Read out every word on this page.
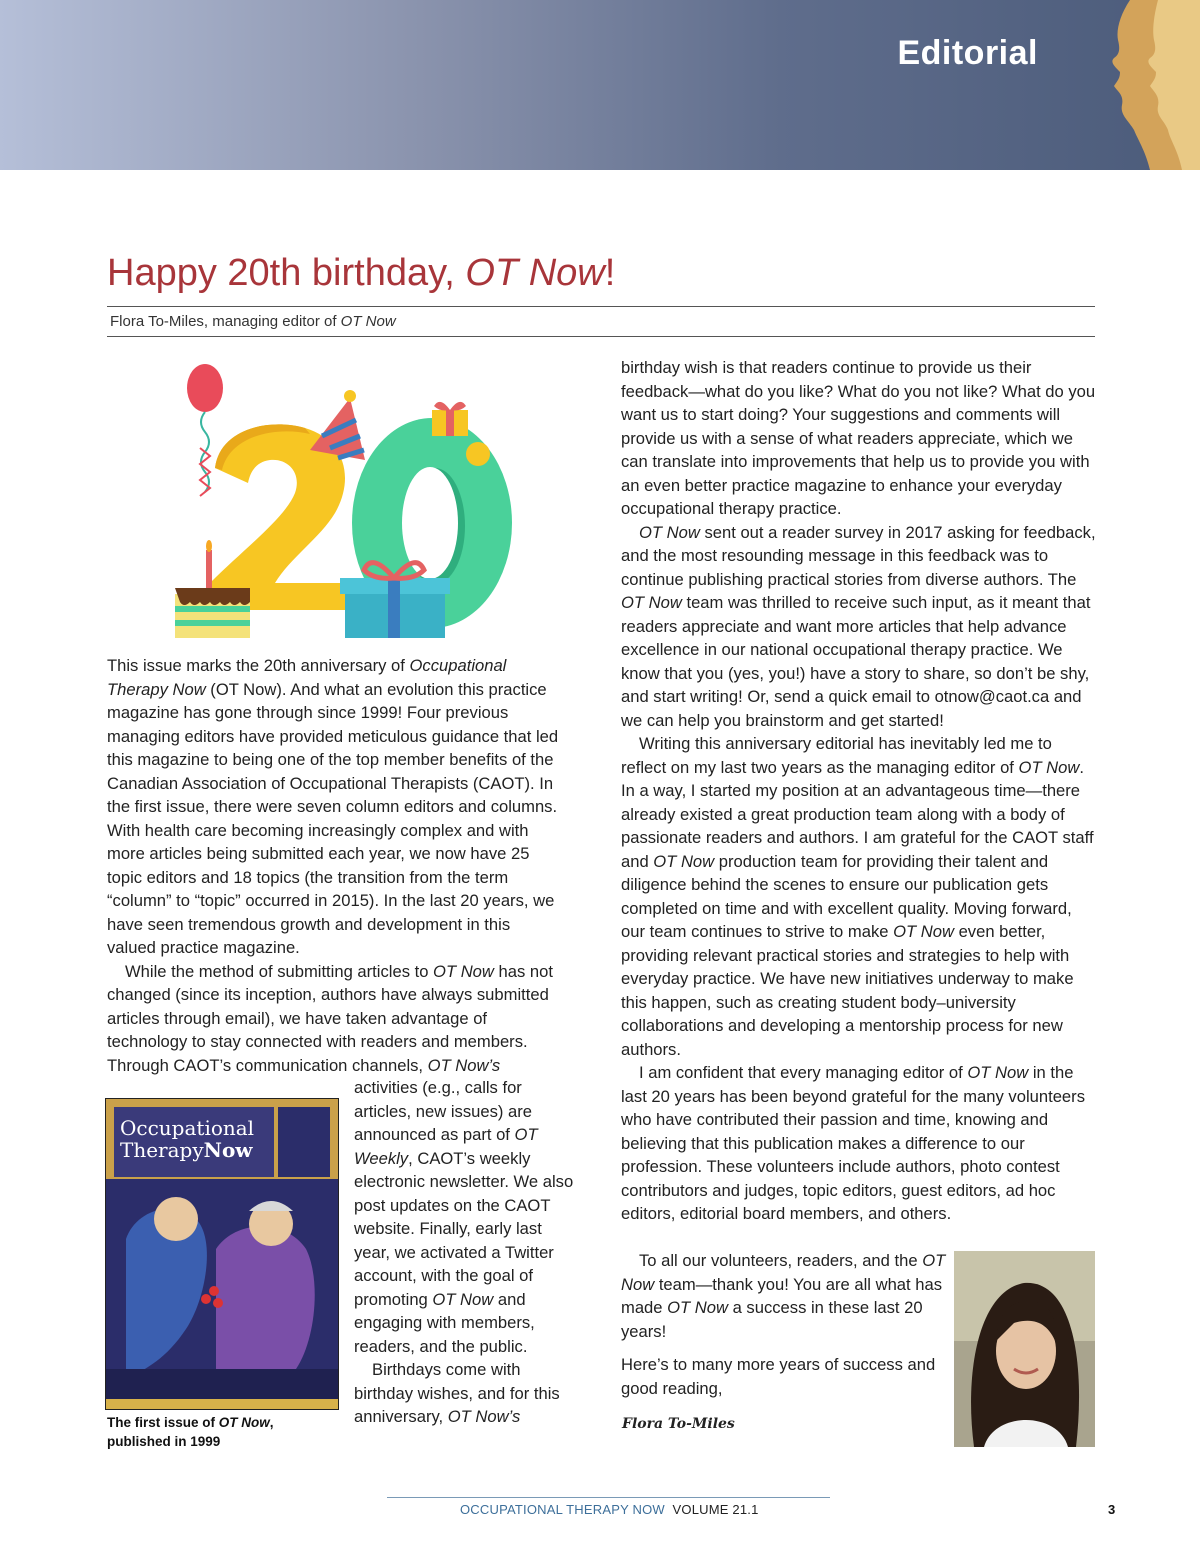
Editorial
Happy 20th birthday, OT Now!
Flora To-Miles, managing editor of OT Now

This issue marks the 20th anniversary of Occupational Therapy Now (OT Now). And what an evolution this practice magazine has gone through since 1999! Four previous managing editors have provided meticulous guidance that led this magazine to being one of the top member benefits of the Canadian Association of Occupational Therapists (CAOT). In the first issue, there were seven column editors and columns. With health care becoming increasingly complex and with more articles being submitted each year, we now have 25 topic editors and 18 topics (the transition from the term “column” to “topic” occurred in 2015). In the last 20 years, we have seen tremendous growth and development in this valued practice magazine.

While the method of submitting articles to OT Now has not changed (since its inception, authors have always submitted articles through email), we have taken advantage of technology to stay connected with readers and members. Through CAOT’s communication channels, OT Now’s

Occupational
TherapyNow
The first issue of OT Now, published in 1999

activities (e.g., calls for articles, new issues) are announced as part of OT Weekly, CAOT’s weekly electronic newsletter. We also post updates on the CAOT website. Finally, early last year, we activated a Twitter account, with the goal of promoting OT Now and engaging with members, readers, and the public.

Birthdays come with birthday wishes, and for this anniversary, OT Now’s

birthday wish is that readers continue to provide us their feedback—what do you like? What do you not like? What do you want us to start doing? Your suggestions and comments will provide us with a sense of what readers appreciate, which we can translate into improvements that help us to provide you with an even better practice magazine to enhance your everyday occupational therapy practice.

OT Now sent out a reader survey in 2017 asking for feedback, and the most resounding message in this feedback was to continue publishing practical stories from diverse authors. The OT Now team was thrilled to receive such input, as it meant that readers appreciate and want more articles that help advance excellence in our national occupational therapy practice. We know that you (yes, you!) have a story to share, so don’t be shy, and start writing! Or, send a quick email to otnow@caot.ca and we can help you brainstorm and get started!

Writing this anniversary editorial has inevitably led me to reflect on my last two years as the managing editor of OT Now. In a way, I started my position at an advantageous time—there already existed a great production team along with a body of passionate readers and authors. I am grateful for the CAOT staff and OT Now production team for providing their talent and diligence behind the scenes to ensure our publication gets completed on time and with excellent quality. Moving forward, our team continues to strive to make OT Now even better, providing relevant practical stories and strategies to help with everyday practice. We have new initiatives underway to make this happen, such as creating student body–university collaborations and developing a mentorship process for new authors.

I am confident that every managing editor of OT Now in the last 20 years has been beyond grateful for the many volunteers who have contributed their passion and time, knowing and believing that this publication makes a difference to our profession. These volunteers include authors, photo contest contributors and judges, topic editors, guest editors, ad hoc editors, editorial board members, and others.

To all our volunteers, readers, and the OT Now team—thank you! You are all what has made OT Now a success in these last 20 years!

Here’s to many more years of success and good reading,

Flora To-Miles
OCCUPATIONAL THERAPY NOW VOLUME 21.1	3
